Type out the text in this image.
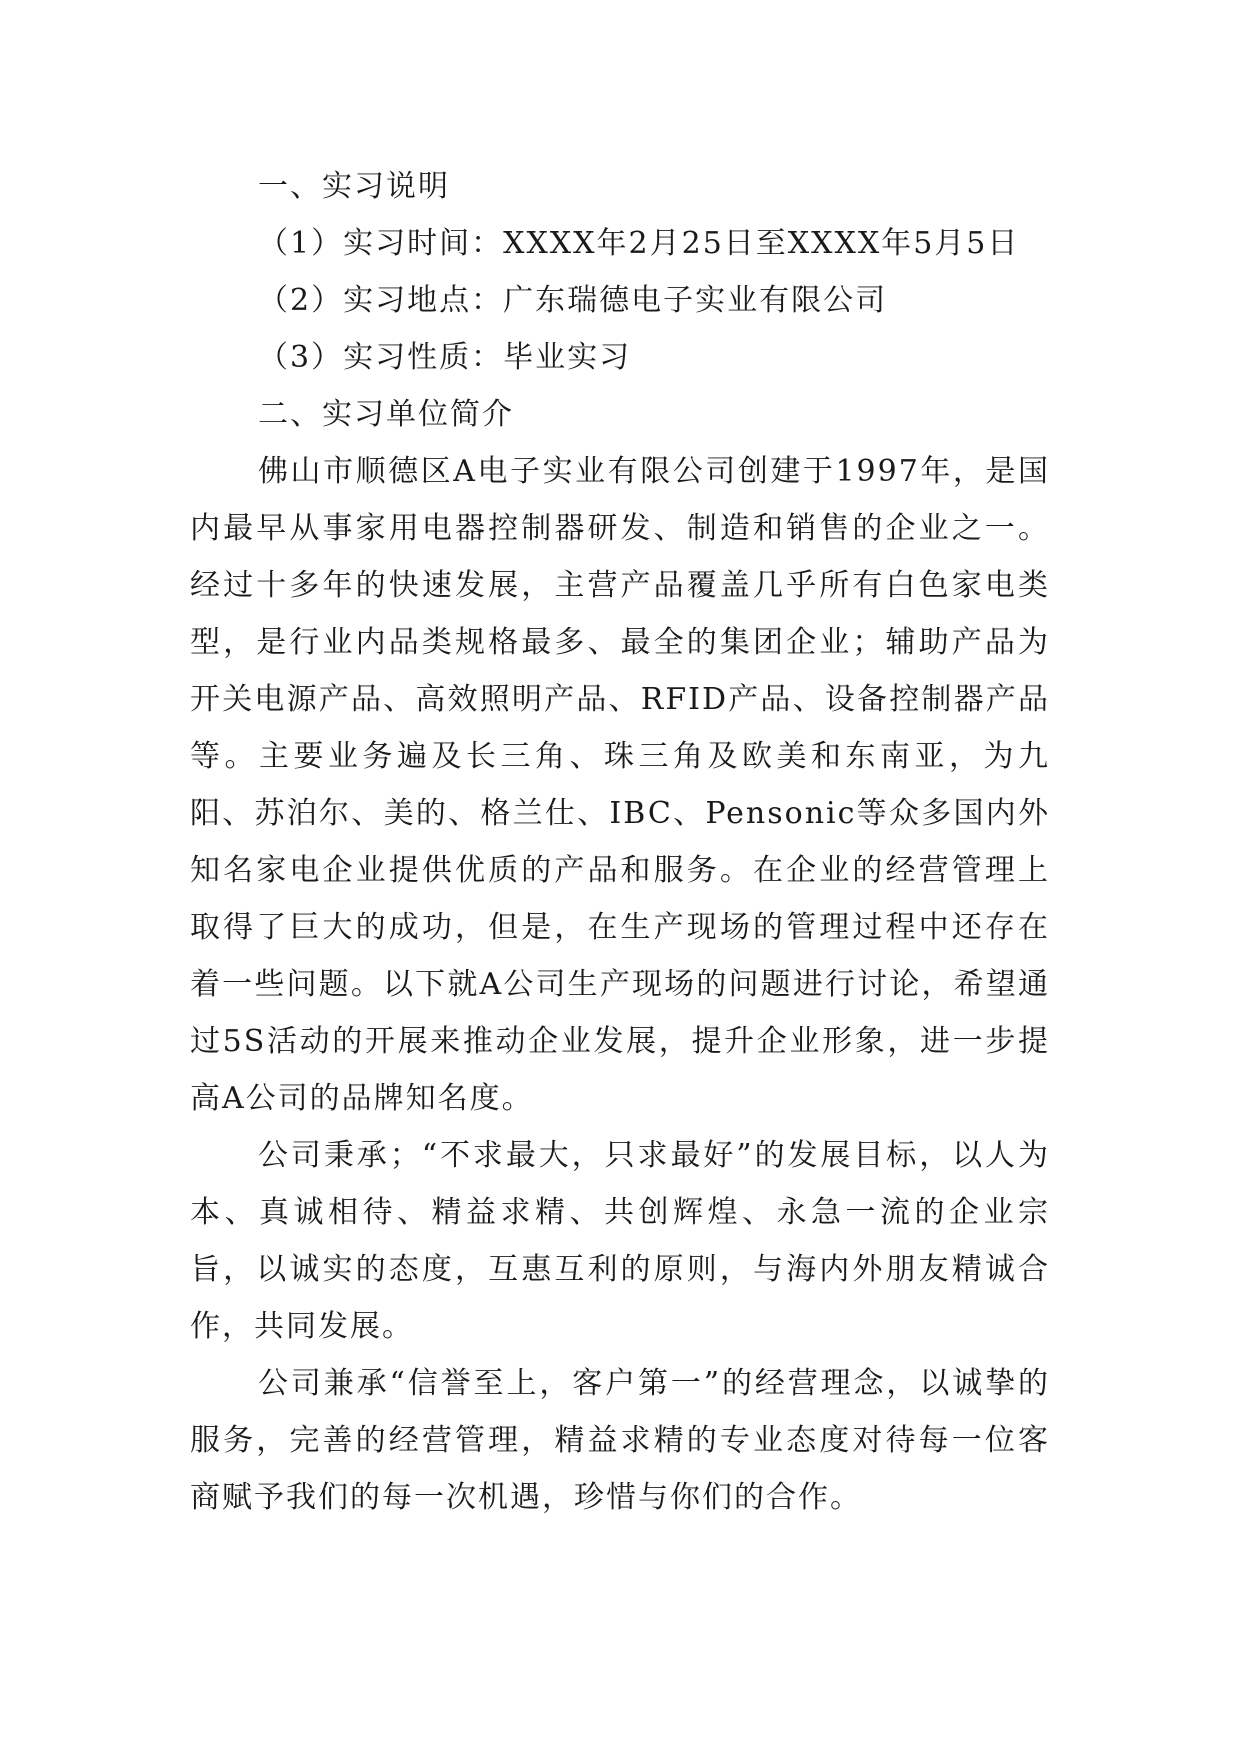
一、实习说明
（1）实习时间：XXXX年2月25日至XXXX年5月5日
（2）实习地点：广东瑞德电子实业有限公司
（3）实习性质：毕业实习
二、实习单位简介

佛山市顺德区A电子实业有限公司创建于1997年，是国内最早从事家用电器控制器研发、制造和销售的企业之一。经过十多年的快速发展，主营产品覆盖几乎所有白色家电类型，是行业内品类规格最多、最全的集团企业；辅助产品为开关电源产品、高效照明产品、RFID产品、设备控制器产品等。主要业务遍及长三角、珠三角及欧美和东南亚，为九阳、苏泊尔、美的、格兰仕、IBC、Pensonic等众多国内外知名家电企业提供优质的产品和服务。在企业的经营管理上取得了巨大的成功，但是，在生产现场的管理过程中还存在着一些问题。以下就A公司生产现场的问题进行讨论，希望通过5S活动的开展来推动企业发展，提升企业形象，进一步提高A公司的品牌知名度。

公司秉承；“不求最大，只求最好”的发展目标，以人为本、真诚相待、精益求精、共创辉煌、永急一流的企业宗旨，以诚实的态度，互惠互利的原则，与海内外朋友精诚合作，共同发展。

公司兼承“信誉至上，客户第一”的经营理念，以诚挚的服务，完善的经营管理，精益求精的专业态度对待每一位客商赋予我们的每一次机遇，珍惜与你们的合作。
